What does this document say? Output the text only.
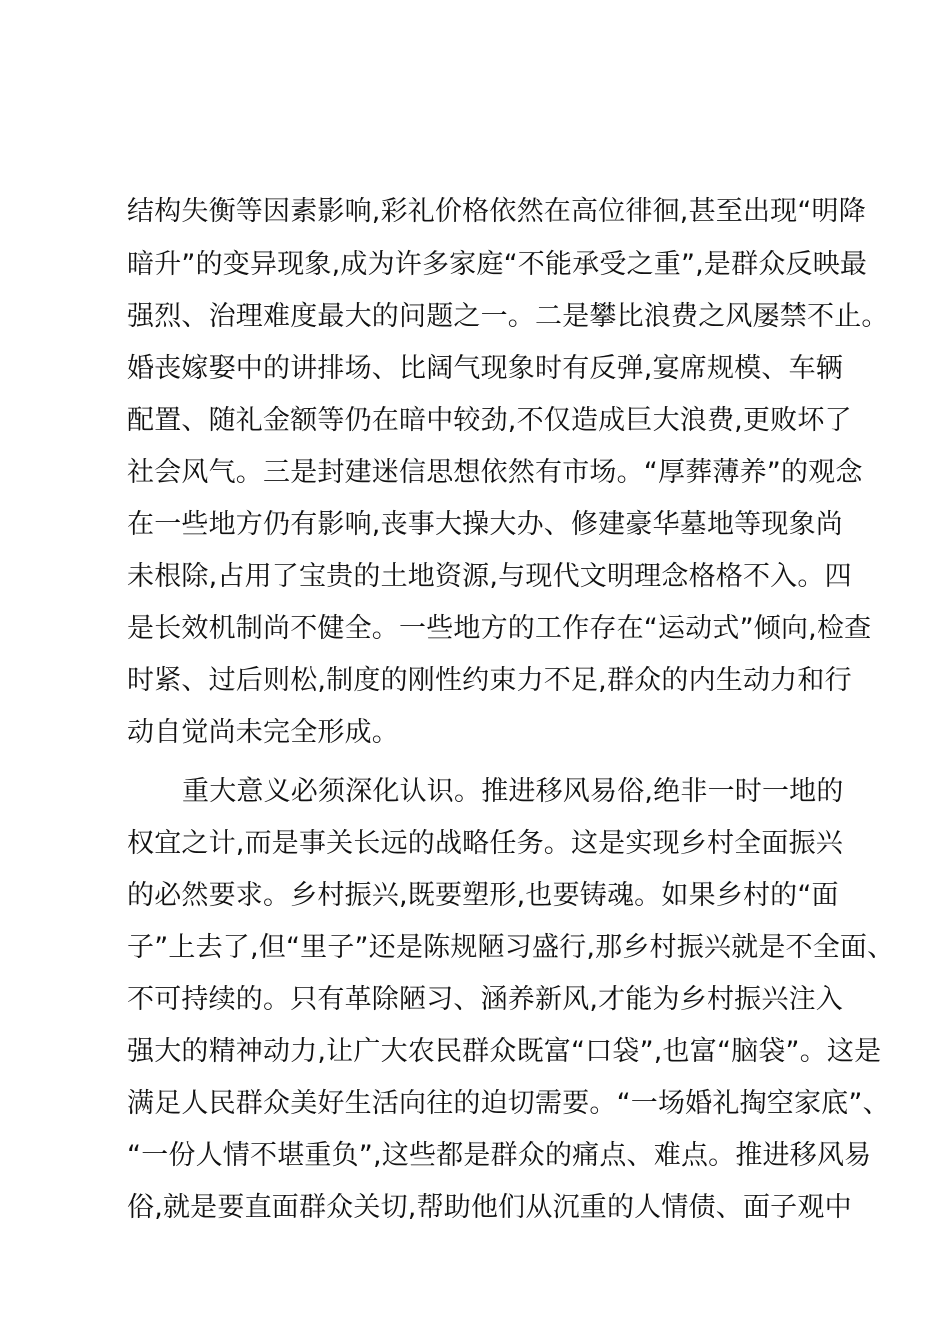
结构失衡等因素影响,彩礼价格依然在高位徘徊,甚至出现“明降
暗升”的变异现象,成为许多家庭“不能承受之重”,是群众反映最
强烈、治理难度最大的问题之一。二是攀比浪费之风屡禁不止。
婚丧嫁娶中的讲排场、比阔气现象时有反弹,宴席规模、车辆
配置、随礼金额等仍在暗中较劲,不仅造成巨大浪费,更败坏了
社会风气。三是封建迷信思想依然有市场。“厚葬薄养”的观念
在一些地方仍有影响,丧事大操大办、修建豪华墓地等现象尚
未根除,占用了宝贵的土地资源,与现代文明理念格格不入。四
是长效机制尚不健全。一些地方的工作存在“运动式”倾向,检查
时紧、过后则松,制度的刚性约束力不足,群众的内生动力和行
动自觉尚未完全形成。
重大意义必须深化认识。推进移风易俗,绝非一时一地的
权宜之计,而是事关长远的战略任务。这是实现乡村全面振兴
的必然要求。乡村振兴,既要塑形,也要铸魂。如果乡村的“面
子”上去了,但“里子”还是陈规陋习盛行,那乡村振兴就是不全面、
不可持续的。只有革除陋习、涵养新风,才能为乡村振兴注入
强大的精神动力,让广大农民群众既富“口袋”,也富“脑袋”。这是
满足人民群众美好生活向往的迫切需要。“一场婚礼掏空家底”、
“一份人情不堪重负”,这些都是群众的痛点、难点。推进移风易
俗,就是要直面群众关切,帮助他们从沉重的人情债、面子观中
